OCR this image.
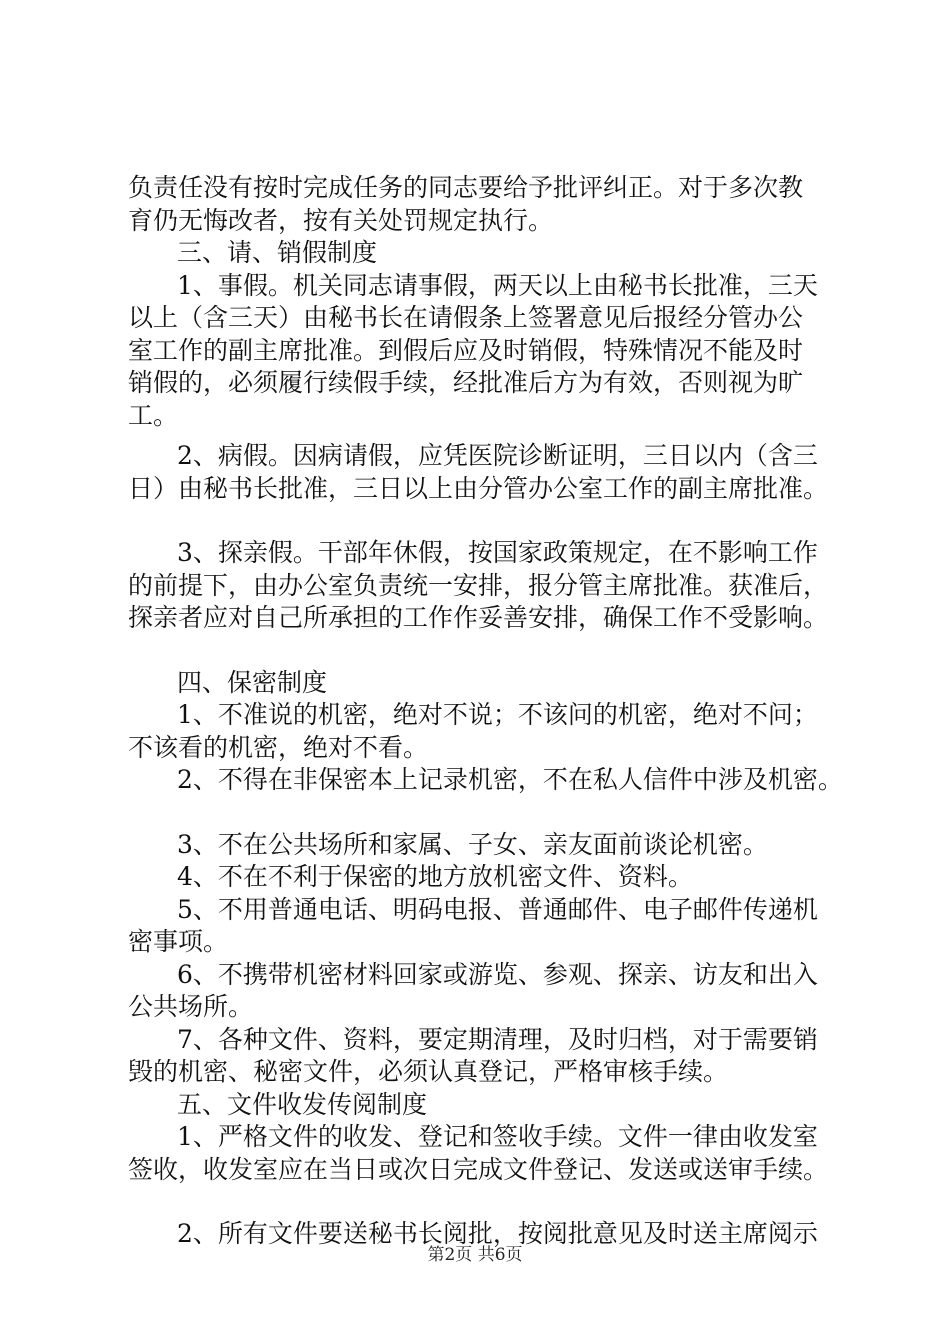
负责任没有按时完成任务的同志要给予批评纠正。对于多次教
育仍无悔改者，按有关处罚规定执行。
三、请、销假制度
1、事假。机关同志请事假，两天以上由秘书长批准，三天
以上（含三天）由秘书长在请假条上签署意见后报经分管办公
室工作的副主席批准。到假后应及时销假，特殊情况不能及时
销假的，必须履行续假手续，经批准后方为有效，否则视为旷
工。
2、病假。因病请假，应凭医院诊断证明，三日以内（含三
日）由秘书长批准，三日以上由分管办公室工作的副主席批准。
3、探亲假。干部年休假，按国家政策规定，在不影响工作
的前提下，由办公室负责统一安排，报分管主席批准。获准后，
探亲者应对自己所承担的工作作妥善安排，确保工作不受影响。
四、保密制度
1、不准说的机密，绝对不说；不该问的机密，绝对不问；
不该看的机密，绝对不看。
2、不得在非保密本上记录机密，不在私人信件中涉及机密。
3、不在公共场所和家属、子女、亲友面前谈论机密。
4、不在不利于保密的地方放机密文件、资料。
5、不用普通电话、明码电报、普通邮件、电子邮件传递机
密事项。
6、不携带机密材料回家或游览、参观、探亲、访友和出入
公共场所。
7、各种文件、资料，要定期清理，及时归档，对于需要销
毁的机密、秘密文件，必须认真登记，严格审核手续。
五、文件收发传阅制度
1、严格文件的收发、登记和签收手续。文件一律由收发室
签收，收发室应在当日或次日完成文件登记、发送或送审手续。
2、所有文件要送秘书长阅批，按阅批意见及时送主席阅示
第2页 共6页
